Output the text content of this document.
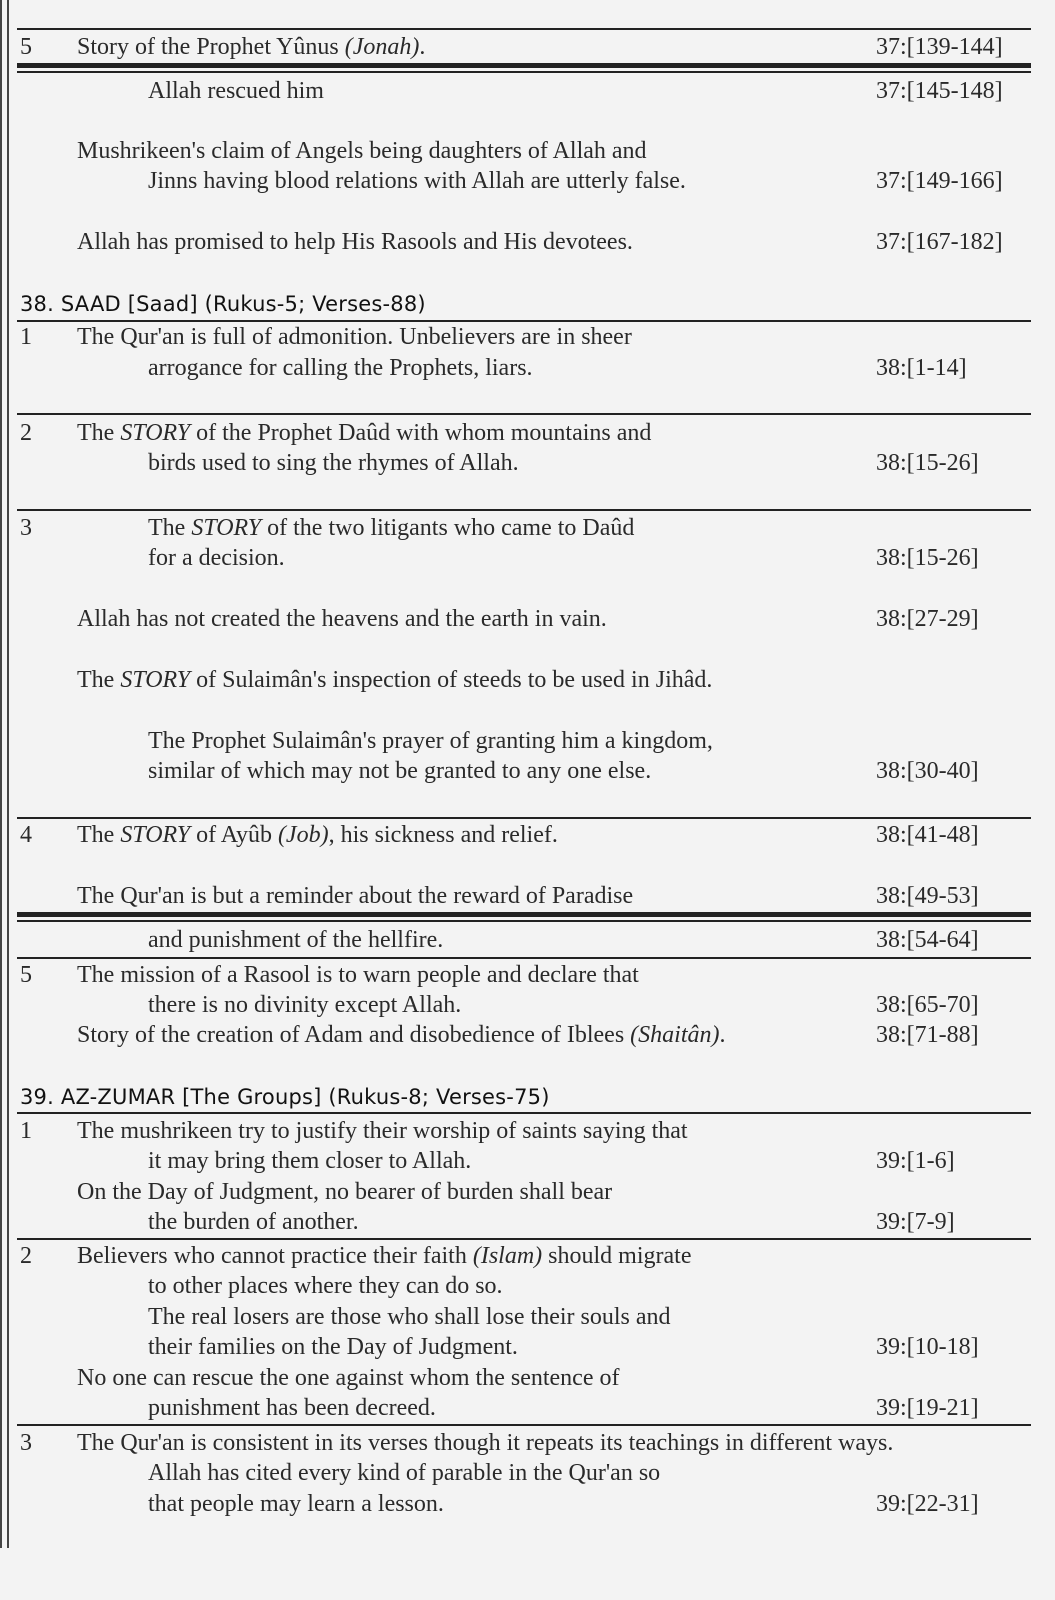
5 Story of the Prophet Yûnus (Jonah).	37:[139-144]
Allah rescued him	37:[145-148]
Mushrikeen's claim of Angels being daughters of Allah and
Jinns having blood relations with Allah are utterly false.	37:[149-166]
Allah has promised to help His Rasools and His devotees.	37:[167-182]
38. SAAD [Saad] (Rukus-5; Verses-88)
1 The Qur'an is full of admonition. Unbelievers are in sheer
arrogance for calling the Prophets, liars.	38:[1-14]
2 The STORY of the Prophet Daûd with whom mountains and
birds used to sing the rhymes of Allah.	38:[15-26]
3	The STORY of the two litigants who came to Daûd
for a decision.	38:[15-26]
Allah has not created the heavens and the earth in vain.	38:[27-29]
The STORY of Sulaimân's inspection of steeds to be used in Jihâd.
The Prophet Sulaimân's prayer of granting him a kingdom,
similar of which may not be granted to any one else.	38:[30-40]
4 The STORY of Ayûb (Job), his sickness and relief.	38:[41-48]
The Qur'an is but a reminder about the reward of Paradise	38:[49-53]
and punishment of the hellfire.	38:[54-64]
5 The mission of a Rasool is to warn people and declare that
there is no divinity except Allah.	38:[65-70]
Story of the creation of Adam and disobedience of Iblees (Shaitân).	38:[71-88]
39. AZ-ZUMAR [The Groups] (Rukus-8; Verses-75)
1 The mushrikeen try to justify their worship of saints saying that
it may bring them closer to Allah.	39:[1-6]
On the Day of Judgment, no bearer of burden shall bear
the burden of another.	39:[7-9]
2 Believers who cannot practice their faith (Islam) should migrate
to other places where they can do so.
The real losers are those who shall lose their souls and
their families on the Day of Judgment.	39:[10-18]
No one can rescue the one against whom the sentence of
punishment has been decreed.	39:[19-21]
3 The Qur'an is consistent in its verses though it repeats its teachings in different ways.
Allah has cited every kind of parable in the Qur'an so
that people may learn a lesson.	39:[22-31]
